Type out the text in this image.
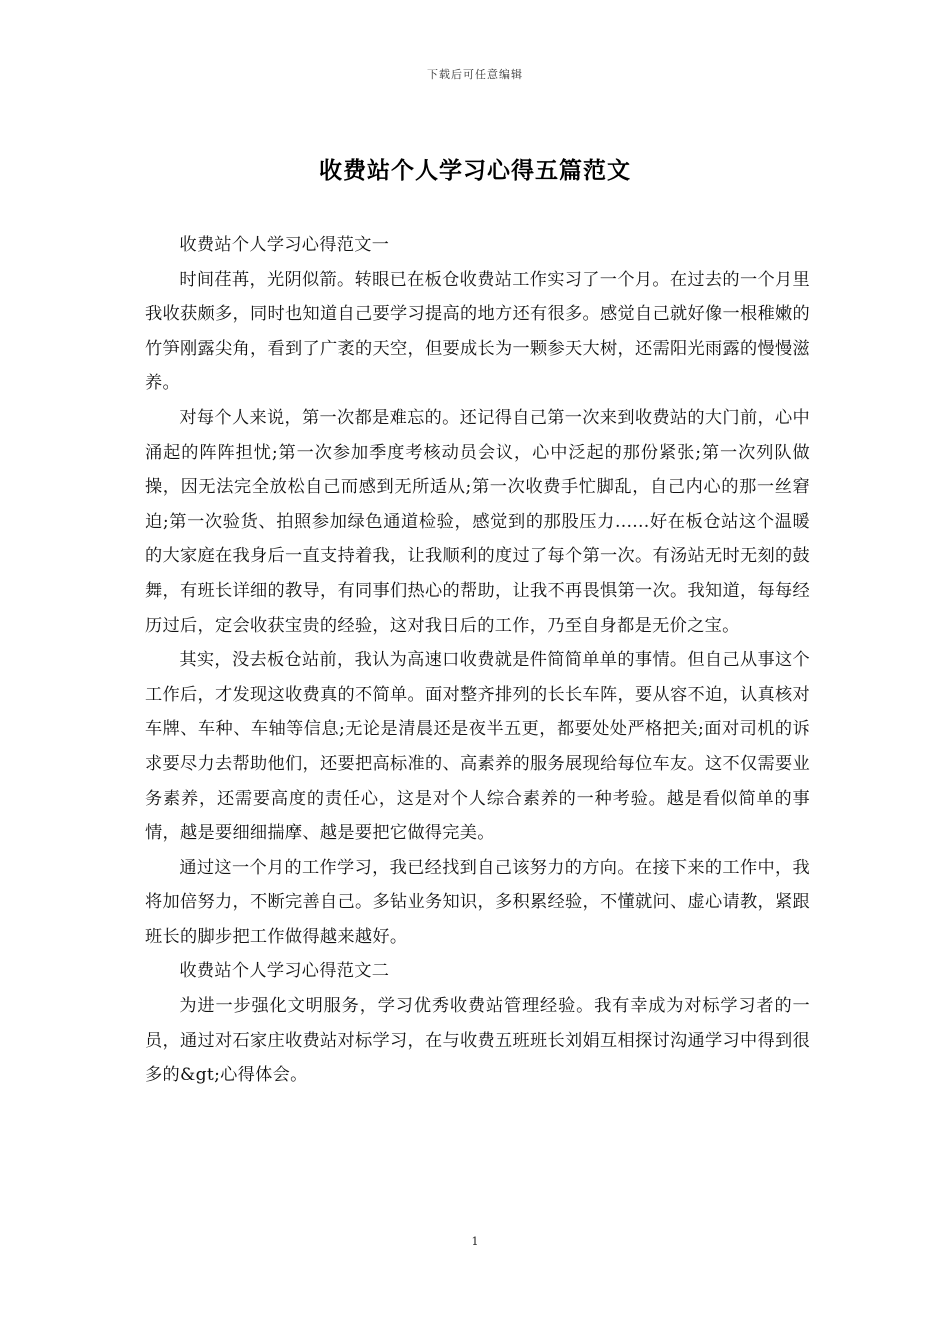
下载后可任意编辑
收费站个人学习心得五篇范文

收费站个人学习心得范文一

时间荏苒，光阴似箭。转眼已在板仓收费站工作实习了一个月。在过去的一个月里我收获颇多，同时也知道自己要学习提高的地方还有很多。感觉自己就好像一根稚嫩的竹笋刚露尖角，看到了广袤的天空，但要成长为一颗参天大树，还需阳光雨露的慢慢滋养。

对每个人来说，第一次都是难忘的。还记得自己第一次来到收费站的大门前，心中涌起的阵阵担忧;第一次参加季度考核动员会议，心中泛起的那份紧张;第一次列队做操，因无法完全放松自己而感到无所适从;第一次收费手忙脚乱，自己内心的那一丝窘迫;第一次验货、拍照参加绿色通道检验，感觉到的那股压力......好在板仓站这个温暖的大家庭在我身后一直支持着我，让我顺利的度过了每个第一次。有汤站无时无刻的鼓舞，有班长详细的教导，有同事们热心的帮助，让我不再畏惧第一次。我知道，每每经历过后，定会收获宝贵的经验，这对我日后的工作，乃至自身都是无价之宝。

其实，没去板仓站前，我认为高速口收费就是件简简单单的事情。但自己从事这个工作后，才发现这收费真的不简单。面对整齐排列的长长车阵，要从容不迫，认真核对车牌、车种、车轴等信息;无论是清晨还是夜半五更，都要处处严格把关;面对司机的诉求要尽力去帮助他们，还要把高标准的、高素养的服务展现给每位车友。这不仅需要业务素养，还需要高度的责任心，这是对个人综合素养的一种考验。越是看似简单的事情，越是要细细揣摩、越是要把它做得完美。

通过这一个月的工作学习，我已经找到自己该努力的方向。在接下来的工作中，我将加倍努力，不断完善自己。多钻业务知识，多积累经验，不懂就问、虚心请教，紧跟班长的脚步把工作做得越来越好。

收费站个人学习心得范文二

为进一步强化文明服务，学习优秀收费站管理经验。我有幸成为对标学习者的一员，通过对石家庄收费站对标学习，在与收费五班班长刘娟互相探讨沟通学习中得到很多的&gt;心得体会。

1
